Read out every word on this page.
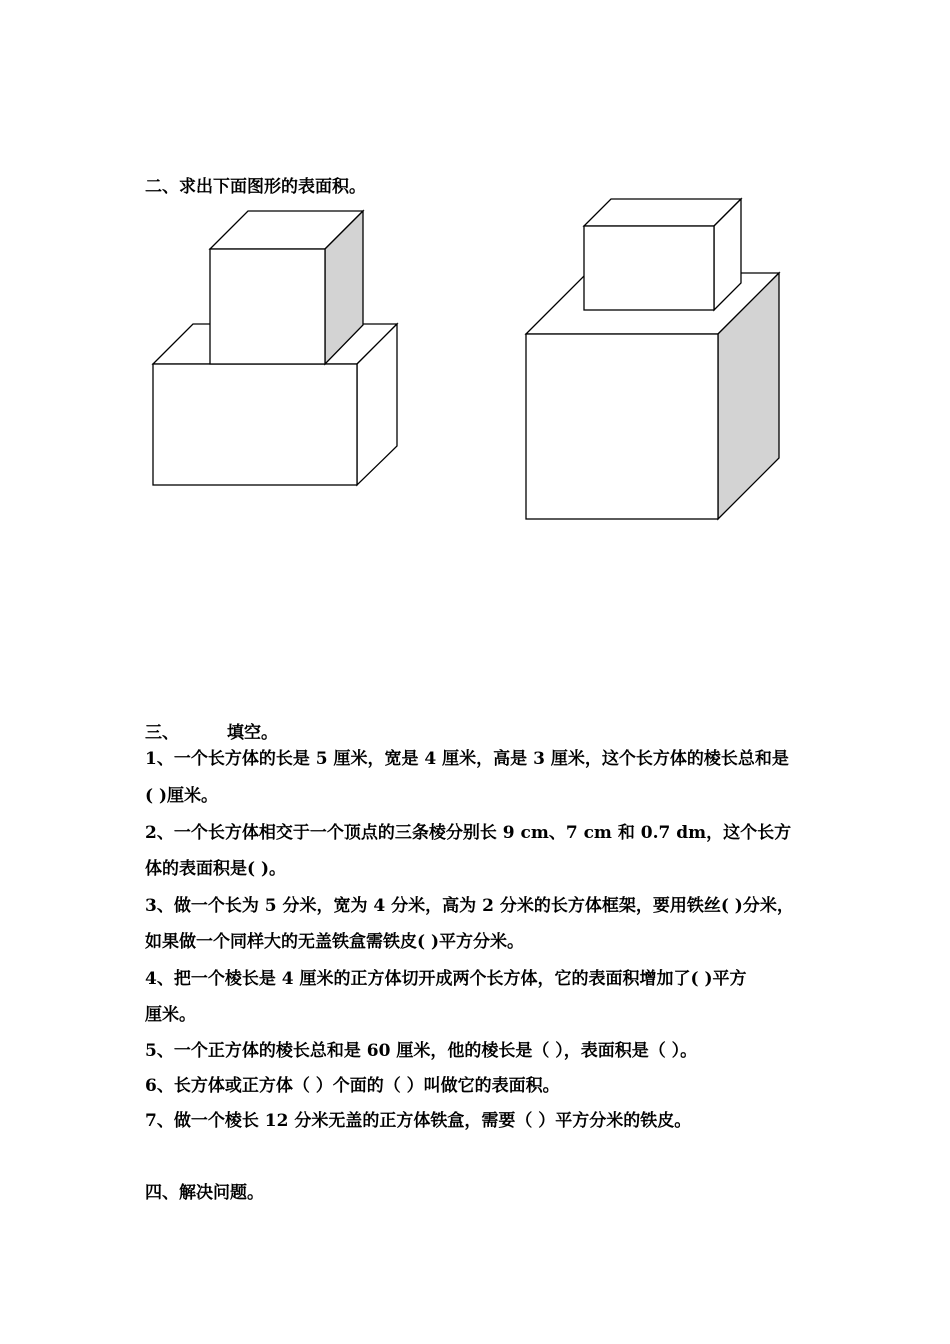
二、求出下面图形的表面积。
三、	填空。
1、一个长方体的长是 5 厘米，宽是 4 厘米，高是 3 厘米，这个长方体的棱长总和是
( )厘米。
2、一个长方体相交于一个顶点的三条棱分别长 9 cm、7 cm 和 0.7 dm，这个长方
体的表面积是( )。
3、做一个长为 5 分米，宽为 4 分米，高为 2 分米的长方体框架，要用铁丝( )分米，
如果做一个同样大的无盖铁盒需铁皮( )平方分米。
4、把一个棱长是 4 厘米的正方体切开成两个长方体，它的表面积增加了( )平方
厘米。
5、一个正方体的棱长总和是 60 厘米，他的棱长是（ ），表面积是（ ）。
6、长方体或正方体（ ）个面的（ ）叫做它的表面积。
7、做一个棱长 12 分米无盖的正方体铁盒，需要（ ）平方分米的铁皮。
四、解决问题。
